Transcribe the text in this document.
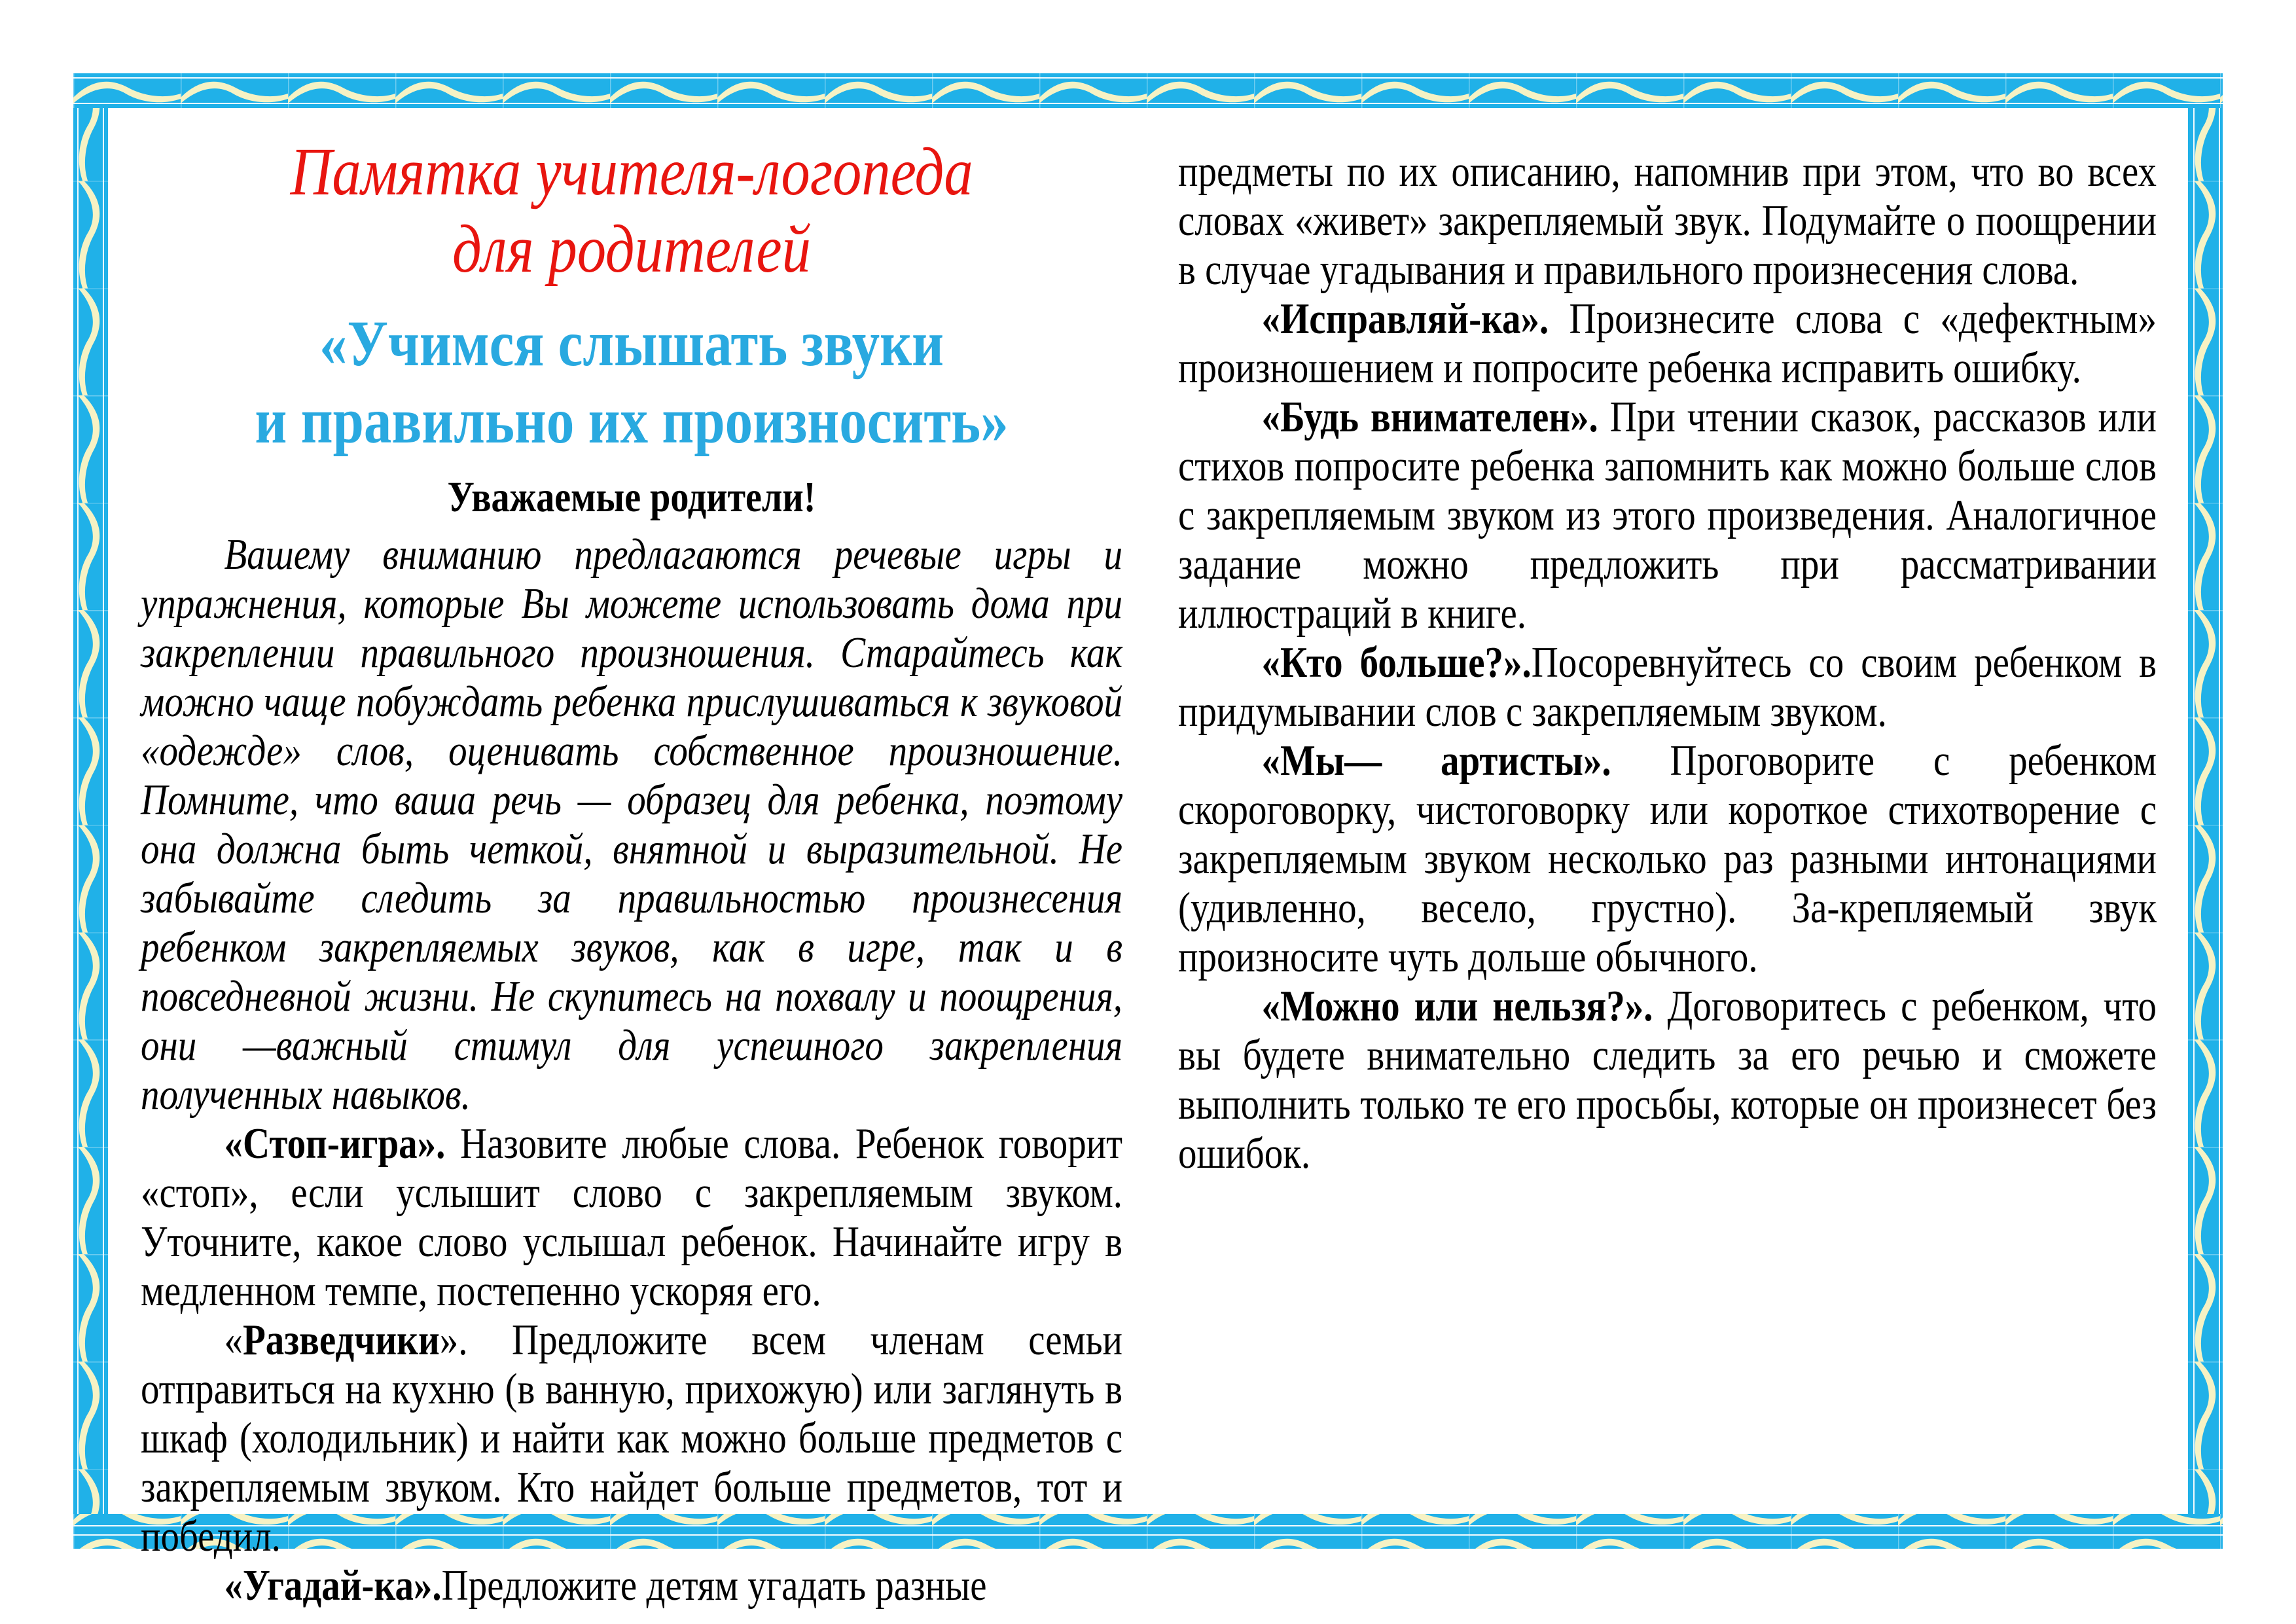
Памятка учителя-логопеда
для родителей
«Учимся слышать звуки
и правильно их произносить»
Уважаемые родители!

Вашему вниманию предлагаются речевые игры и упражнения, которые Вы можете использовать дома при закреплении правильного произношения. Старайтесь как можно чаще побуждать ребенка прислушиваться к звуковой «одежде» слов, оценивать собственное произношение. Помните, что ваша речь — образец для ребенка, поэтому она должна быть четкой, внятной и выразительной. Не забывайте следить за правильностью произнесения ребенком закрепляемых звуков, как в игре, так и в повседневной жизни. Не скупитесь на похвалу и поощрения, они —важный стимул для успешного закрепления полученных навыков.

«Стоп-игра». Назовите любые слова. Ребенок говорит «стоп», если услышит слово с закрепляемым звуком. Уточните, какое слово услышал ребенок. Начинайте игру в медленном темпе, постепенно ускоряя его.

«Разведчики». Предложите всем членам семьи отправиться на кухню (в ванную, прихожую) или заглянуть в шкаф (холодильник) и найти как можно больше предметов с закрепляемым звуком. Кто найдет больше предметов, тот и победил.

«Угадай-ка».Предложите детям угадать разные

предметы по их описанию, напомнив при этом, что во всех словах «живет» закрепляемый звук. Подумайте о поощрении в случае угадывания и правильного произнесения слова.

«Исправляй-ка». Произнесите слова с «дефектным» произношением и попросите ребенка исправить ошибку.

«Будь внимателен». При чтении сказок, рассказов или стихов попросите ребенка запомнить как можно больше слов с закрепляемым звуком из этого произведения. Аналогичное задание можно предложить при рассматривании иллюстраций в книге.

«Кто больше?».Посоревнуйтесь со своим ребенком в придумывании слов с закрепляемым звуком.

«Мы— артисты». Проговорите с ребенком скороговорку, чистоговорку или короткое стихотворение с закрепляемым звуком несколько раз разными интонациями (удивленно, весело, грустно). За-крепляемый звук произносите чуть дольше обычного.

«Можно или нельзя?». Договоритесь с ребенком, что вы будете внимательно следить за его речью и сможете выполнить только те его просьбы, которые он произнесет без ошибок.
